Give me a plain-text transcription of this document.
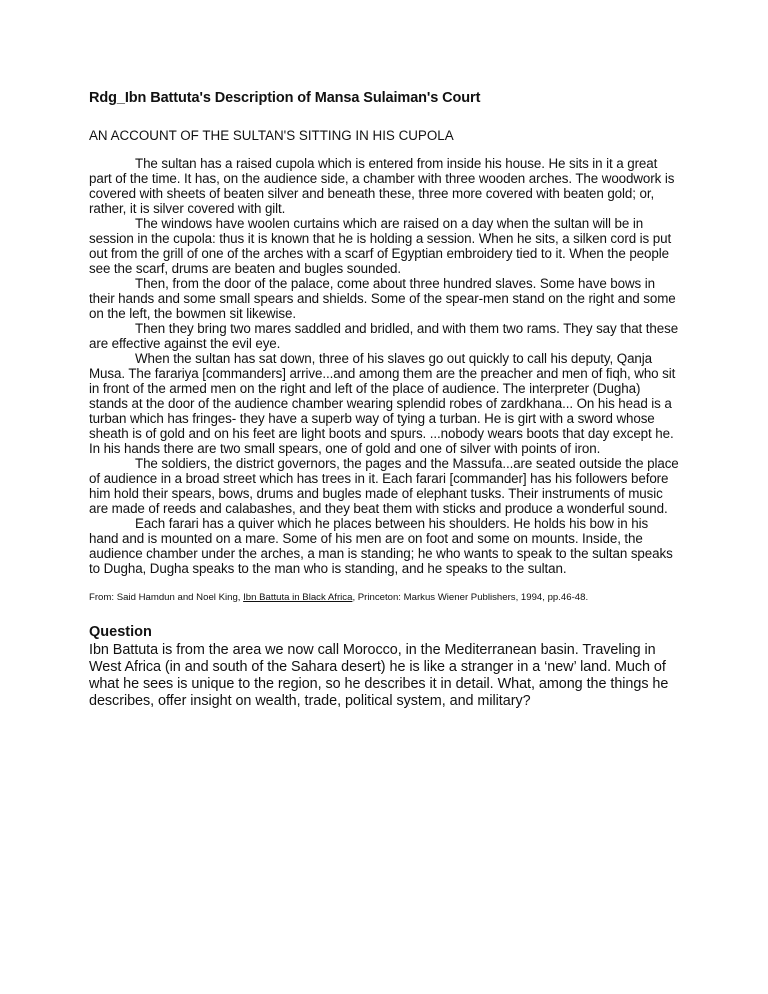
Rdg_Ibn Battuta's Description of Mansa Sulaiman's Court
AN ACCOUNT OF THE SULTAN'S SITTING IN HIS CUPOLA

The sultan has a raised cupola which is entered from inside his house. He sits in it a great part of the time. It has, on the audience side, a chamber with three wooden arches. The woodwork is covered with sheets of beaten silver and beneath these, three more covered with beaten gold; or, rather, it is silver covered with gilt.

The windows have woolen curtains which are raised on a day when the sultan will be in session in the cupola: thus it is known that he is holding a session. When he sits, a silken cord is put out from the grill of one of the arches with a scarf of Egyptian embroidery tied to it. When the people see the scarf, drums are beaten and bugles sounded.

Then, from the door of the palace, come about three hundred slaves. Some have bows in their hands and some small spears and shields. Some of the spear-men stand on the right and some on the left, the bowmen sit likewise.

Then they bring two mares saddled and bridled, and with them two rams. They say that these are effective against the evil eye.

When the sultan has sat down, three of his slaves go out quickly to call his deputy, Qanja Musa. The farariya [commanders] arrive...and among them are the preacher and men of fiqh, who sit in front of the armed men on the right and left of the place of audience. The interpreter (Dugha) stands at the door of the audience chamber wearing splendid robes of zardkhana... On his head is a turban which has fringes- they have a superb way of tying a turban. He is girt with a sword whose sheath is of gold and on his feet are light boots and spurs. ...nobody wears boots that day except he. In his hands there are two small spears, one of gold and one of silver with points of iron.

The soldiers, the district governors, the pages and the Massufa...are seated outside the place of audience in a broad street which has trees in it. Each farari [commander] has his followers before him hold their spears, bows, drums and bugles made of elephant tusks. Their instruments of music are made of reeds and calabashes, and they beat them with sticks and produce a wonderful sound.

Each farari has a quiver which he places between his shoulders. He holds his bow in his hand and is mounted on a mare. Some of his men are on foot and some on mounts. Inside, the audience chamber under the arches, a man is standing; he who wants to speak to the sultan speaks to Dugha, Dugha speaks to the man who is standing, and he speaks to the sultan.

From: Said Hamdun and Noel King, Ibn Battuta in Black Africa, Princeton: Markus Wiener Publishers, 1994, pp.46-48.
Question

Ibn Battuta is from the area we now call Morocco, in the Mediterranean basin. Traveling in West Africa (in and south of the Sahara desert) he is like a stranger in a ‘new’ land. Much of what he sees is unique to the region, so he describes it in detail. What, among the things he describes, offer insight on wealth, trade, political system, and military?
